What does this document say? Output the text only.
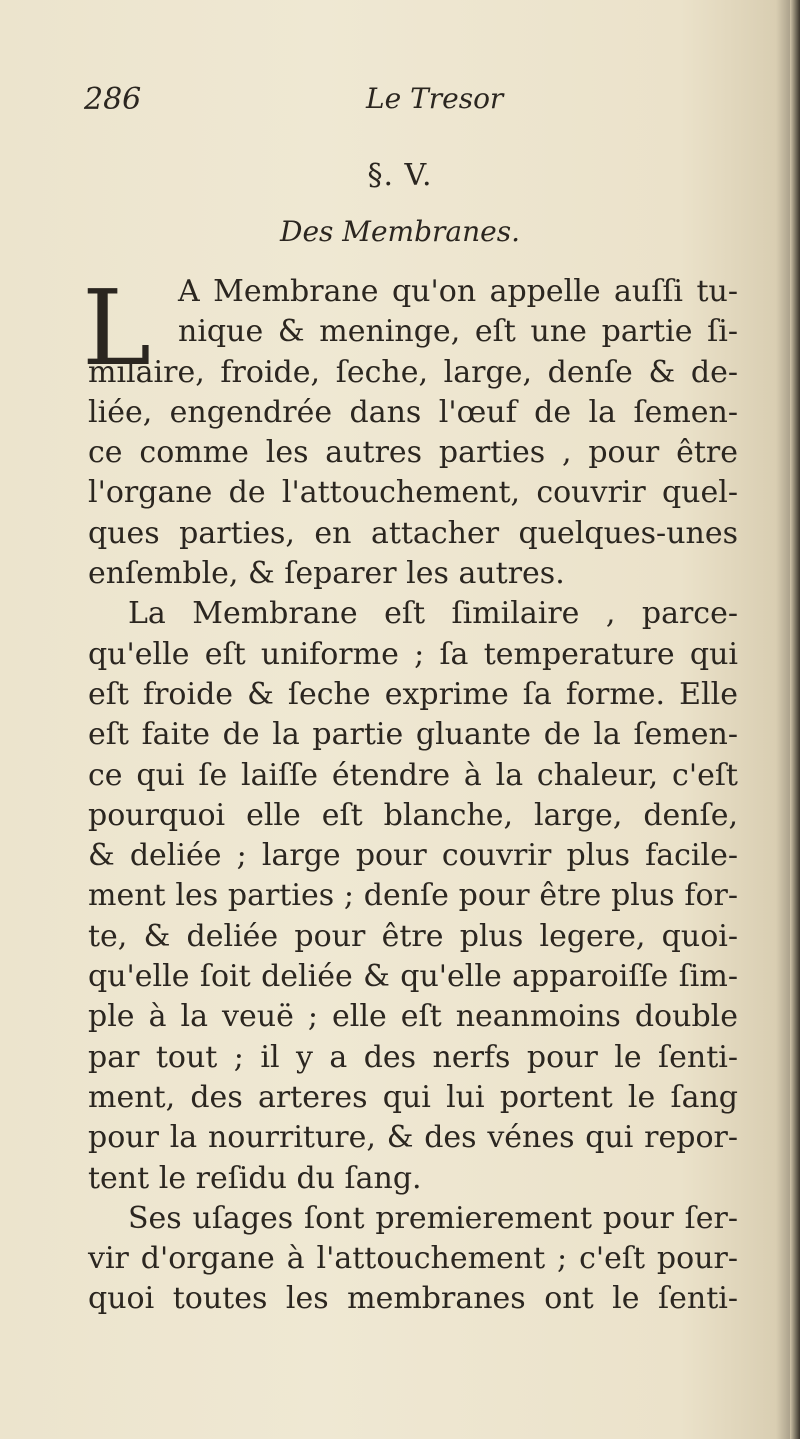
286	Le Tresor
§. V.
Des Membranes.
L A Membrane qu'on appelle auſſi tu-
nique & meninge, eſt une partie ſi-
milaire, froide, ſeche, large, denſe & de-
liée, engendrée dans l'œuf de la ſemen-
ce comme les autres parties , pour être
l'organe de l'attouchement, couvrir quel-
ques parties, en attacher quelques-unes
enſemble, & ſeparer les autres.
La Membrane eſt ſimilaire , parce-
qu'elle eſt uniforme ; ſa temperature qui
eſt froide & ſeche exprime ſa forme. Elle
eſt faite de la partie gluante de la ſemen-
ce qui ſe laiſſe étendre à la chaleur, c'eſt
pourquoi elle eſt blanche, large, denſe,
& deliée ; large pour couvrir plus facile-
ment les parties ; denſe pour être plus for-
te, & deliée pour être plus legere, quoi-
qu'elle ſoit deliée & qu'elle apparoiſſe ſim-
ple à la veuë ; elle eſt neanmoins double
par tout ; il y a des nerfs pour le ſenti-
ment, des arteres qui lui portent le ſang
pour la nourriture, & des vénes qui repor-
tent le reſidu du ſang.
Ses uſages ſont premierement pour ſer-
vir d'organe à l'attouchement ; c'eſt pour-
quoi toutes les membranes ont le ſenti-
